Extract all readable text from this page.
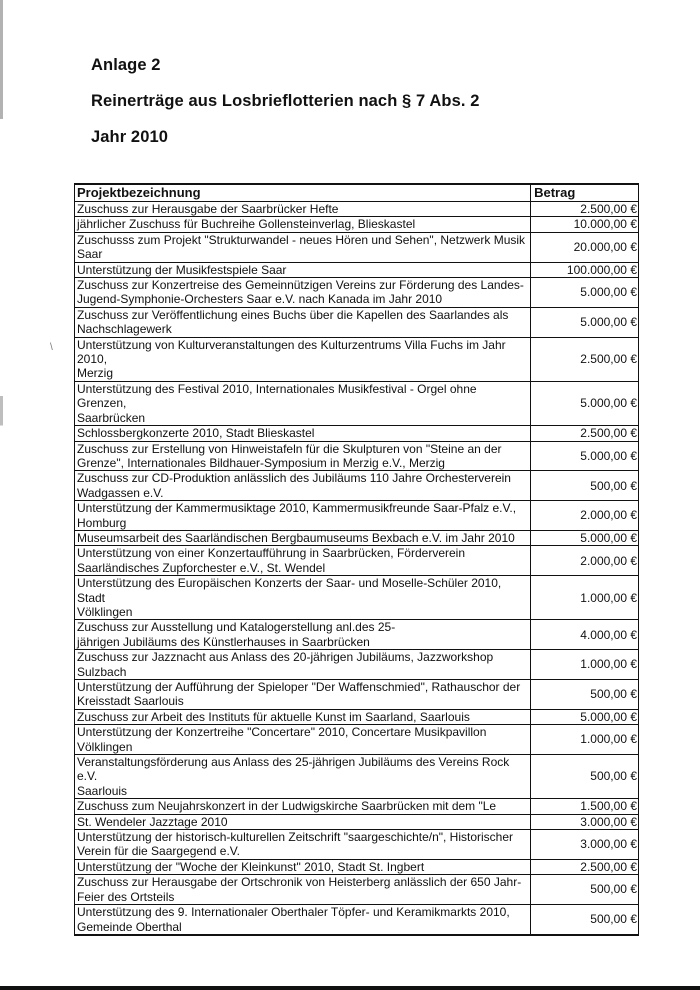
\
Anlage 2
Reinerträge aus Losbrieflotterien nach § 7 Abs. 2
Jahr 2010
Projektbezeichnung	Betrag

Zuschuss zur Herausgabe der Saarbrücker Hefte	2.500,00 €

jährlicher Zuschuss für Buchreihe Gollensteinverlag, Blieskastel	10.000,00 €

Zuschusss zum Projekt "Strukturwandel - neues Hören und Sehen", Netzwerk Musik
Saar	20.000,00 €

Unterstützung der Musikfestspiele Saar	100.000,00 €

Zuschuss zur Konzertreise des Gemeinnützigen Vereins zur Förderung des Landes-
Jugend-Symphonie-Orchesters Saar e.V. nach Kanada im Jahr 2010	5.000,00 €

Zuschuss zur Veröffentlichung eines Buchs über die Kapellen des Saarlandes als
Nachschlagewerk	5.000,00 €

Unterstützung von Kulturveranstaltungen des Kulturzentrums Villa Fuchs im Jahr 2010,
Merzig	2.500,00 €

Unterstützung des Festival 2010, Internationales Musikfestival - Orgel ohne Grenzen,
Saarbrücken	5.000,00 €

Schlossbergkonzerte 2010, Stadt Blieskastel	2.500,00 €

Zuschuss zur Erstellung von Hinweistafeln für die Skulpturen von "Steine an der
Grenze", Internationales Bildhauer-Symposium in Merzig e.V., Merzig	5.000,00 €

Zuschuss zur CD-Produktion anlässlich des Jubiläums 110 Jahre Orchesterverein
Wadgassen e.V.	500,00 €

Unterstützung der Kammermusiktage 2010, Kammermusikfreunde Saar-Pfalz e.V.,
Homburg	2.000,00 €

Museumsarbeit des Saarländischen Bergbaumuseums Bexbach e.V. im Jahr 2010	5.000,00 €

Unterstützung von einer Konzertaufführung in Saarbrücken, Förderverein
Saarländisches Zupforchester e.V., St. Wendel	2.000,00 €

Unterstützung des Europäischen Konzerts der Saar- und Moselle-Schüler 2010, Stadt
Völklingen	1.000,00 €

Zuschuss zur Ausstellung und Katalogerstellung anl.des 25-
jährigen Jubiläums des Künstlerhauses in Saarbrücken	4.000,00 €

Zuschuss zur Jazznacht aus Anlass des 20-jährigen Jubiläums, Jazzworkshop
Sulzbach	1.000,00 €

Unterstützung der Aufführung der Spieloper "Der Waffenschmied", Rathauschor der
Kreisstadt Saarlouis	500,00 €

Zuschuss zur Arbeit des Instituts für aktuelle Kunst im Saarland, Saarlouis	5.000,00 €

Unterstützung der Konzertreihe "Concertare" 2010, Concertare Musikpavillon
Völklingen	1.000,00 €

Veranstaltungsförderung aus Anlass des 25-jährigen Jubiläums des Vereins Rock e.V.
Saarlouis	500,00 €

Zuschuss zum Neujahrskonzert in der Ludwigskirche Saarbrücken mit dem "Le	1.500,00 €

St. Wendeler Jazztage 2010	3.000,00 €

Unterstützung der historisch-kulturellen Zeitschrift "saargeschichte/n", Historischer
Verein für die Saargegend e.V.	3.000,00 €

Unterstützung der "Woche der Kleinkunst" 2010, Stadt St. Ingbert	2.500,00 €

Zuschuss zur Herausgabe der Ortschronik von Heisterberg anlässlich der 650 Jahr-
Feier des Ortsteils	500,00 €

Unterstützung des 9. Internationaler Oberthaler Töpfer- und Keramikmarkts 2010,
Gemeinde Oberthal	500,00 €
